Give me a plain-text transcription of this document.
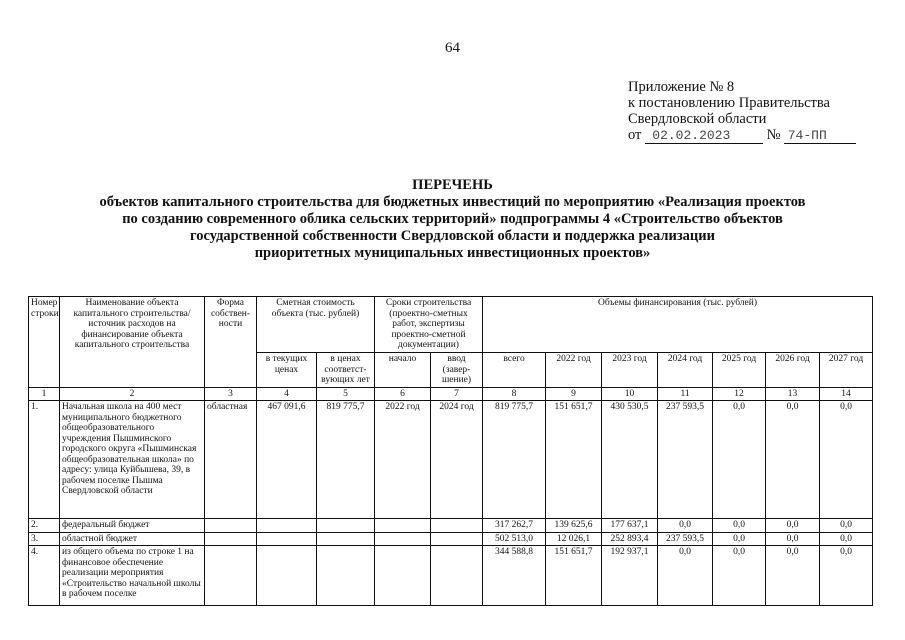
64
Приложение № 8
к постановлению Правительства
Свердловской области
от 02.02.2023	№ 74-ПП
ПЕРЕЧЕНЬ
объектов капитального строительства для бюджетных инвестиций по мероприятию «Реализация проектов
по созданию современного облика сельских территорий» подпрограммы 4 «Строительство объектов
государственной собственности Свердловской области и поддержка реализации
приоритетных муниципальных инвестиционных проектов»
Номер строки	Наименование объекта капитального строительства/ источник расходов на финансирование объекта капитального строительства	Форма собствен-ности	Сметная стоимость объекта (тыс. рублей)		Сроки строительства (проектно-сметных работ, экспертизы проектно-сметной документации)		Объемы финансирования (тыс. рублей)						
			в текущих ценах	в ценах соответст-вующих лет	начало	ввод (завер-шение)	всего	2022 год	2023 год	2024 год	2025 год	2026 год	2027 год
1	2	3	4	5	6	7	8	9	10	11	12	13	14
1.	Начальная школа на 400 мест муниципального бюджетного общеобразовательного учреждения Пышминского городского округа «Пышминская общеобразовательная школа» по адресу: улица Куйбышева, 39, в рабочем поселке Пышма Свердловской области	областная	467 091,6	819 775,7	2022 год	2024 год	819 775,7	151 651,7	430 530,5	237 593,5	0,0	0,0	0,0
2.	федеральный бюджет						317 262,7	139 625,6	177 637,1	0,0	0,0	0,0	0,0
3.	областной бюджет						502 513,0	12 026,1	252 893,4	237 593,5	0,0	0,0	0,0
4.	из общего объема по строке 1 на финансовое обеспечение реализации мероприятия «Строительство начальной школы в рабочем поселке						344 588,8	151 651,7	192 937,1	0,0	0,0	0,0	0,0
